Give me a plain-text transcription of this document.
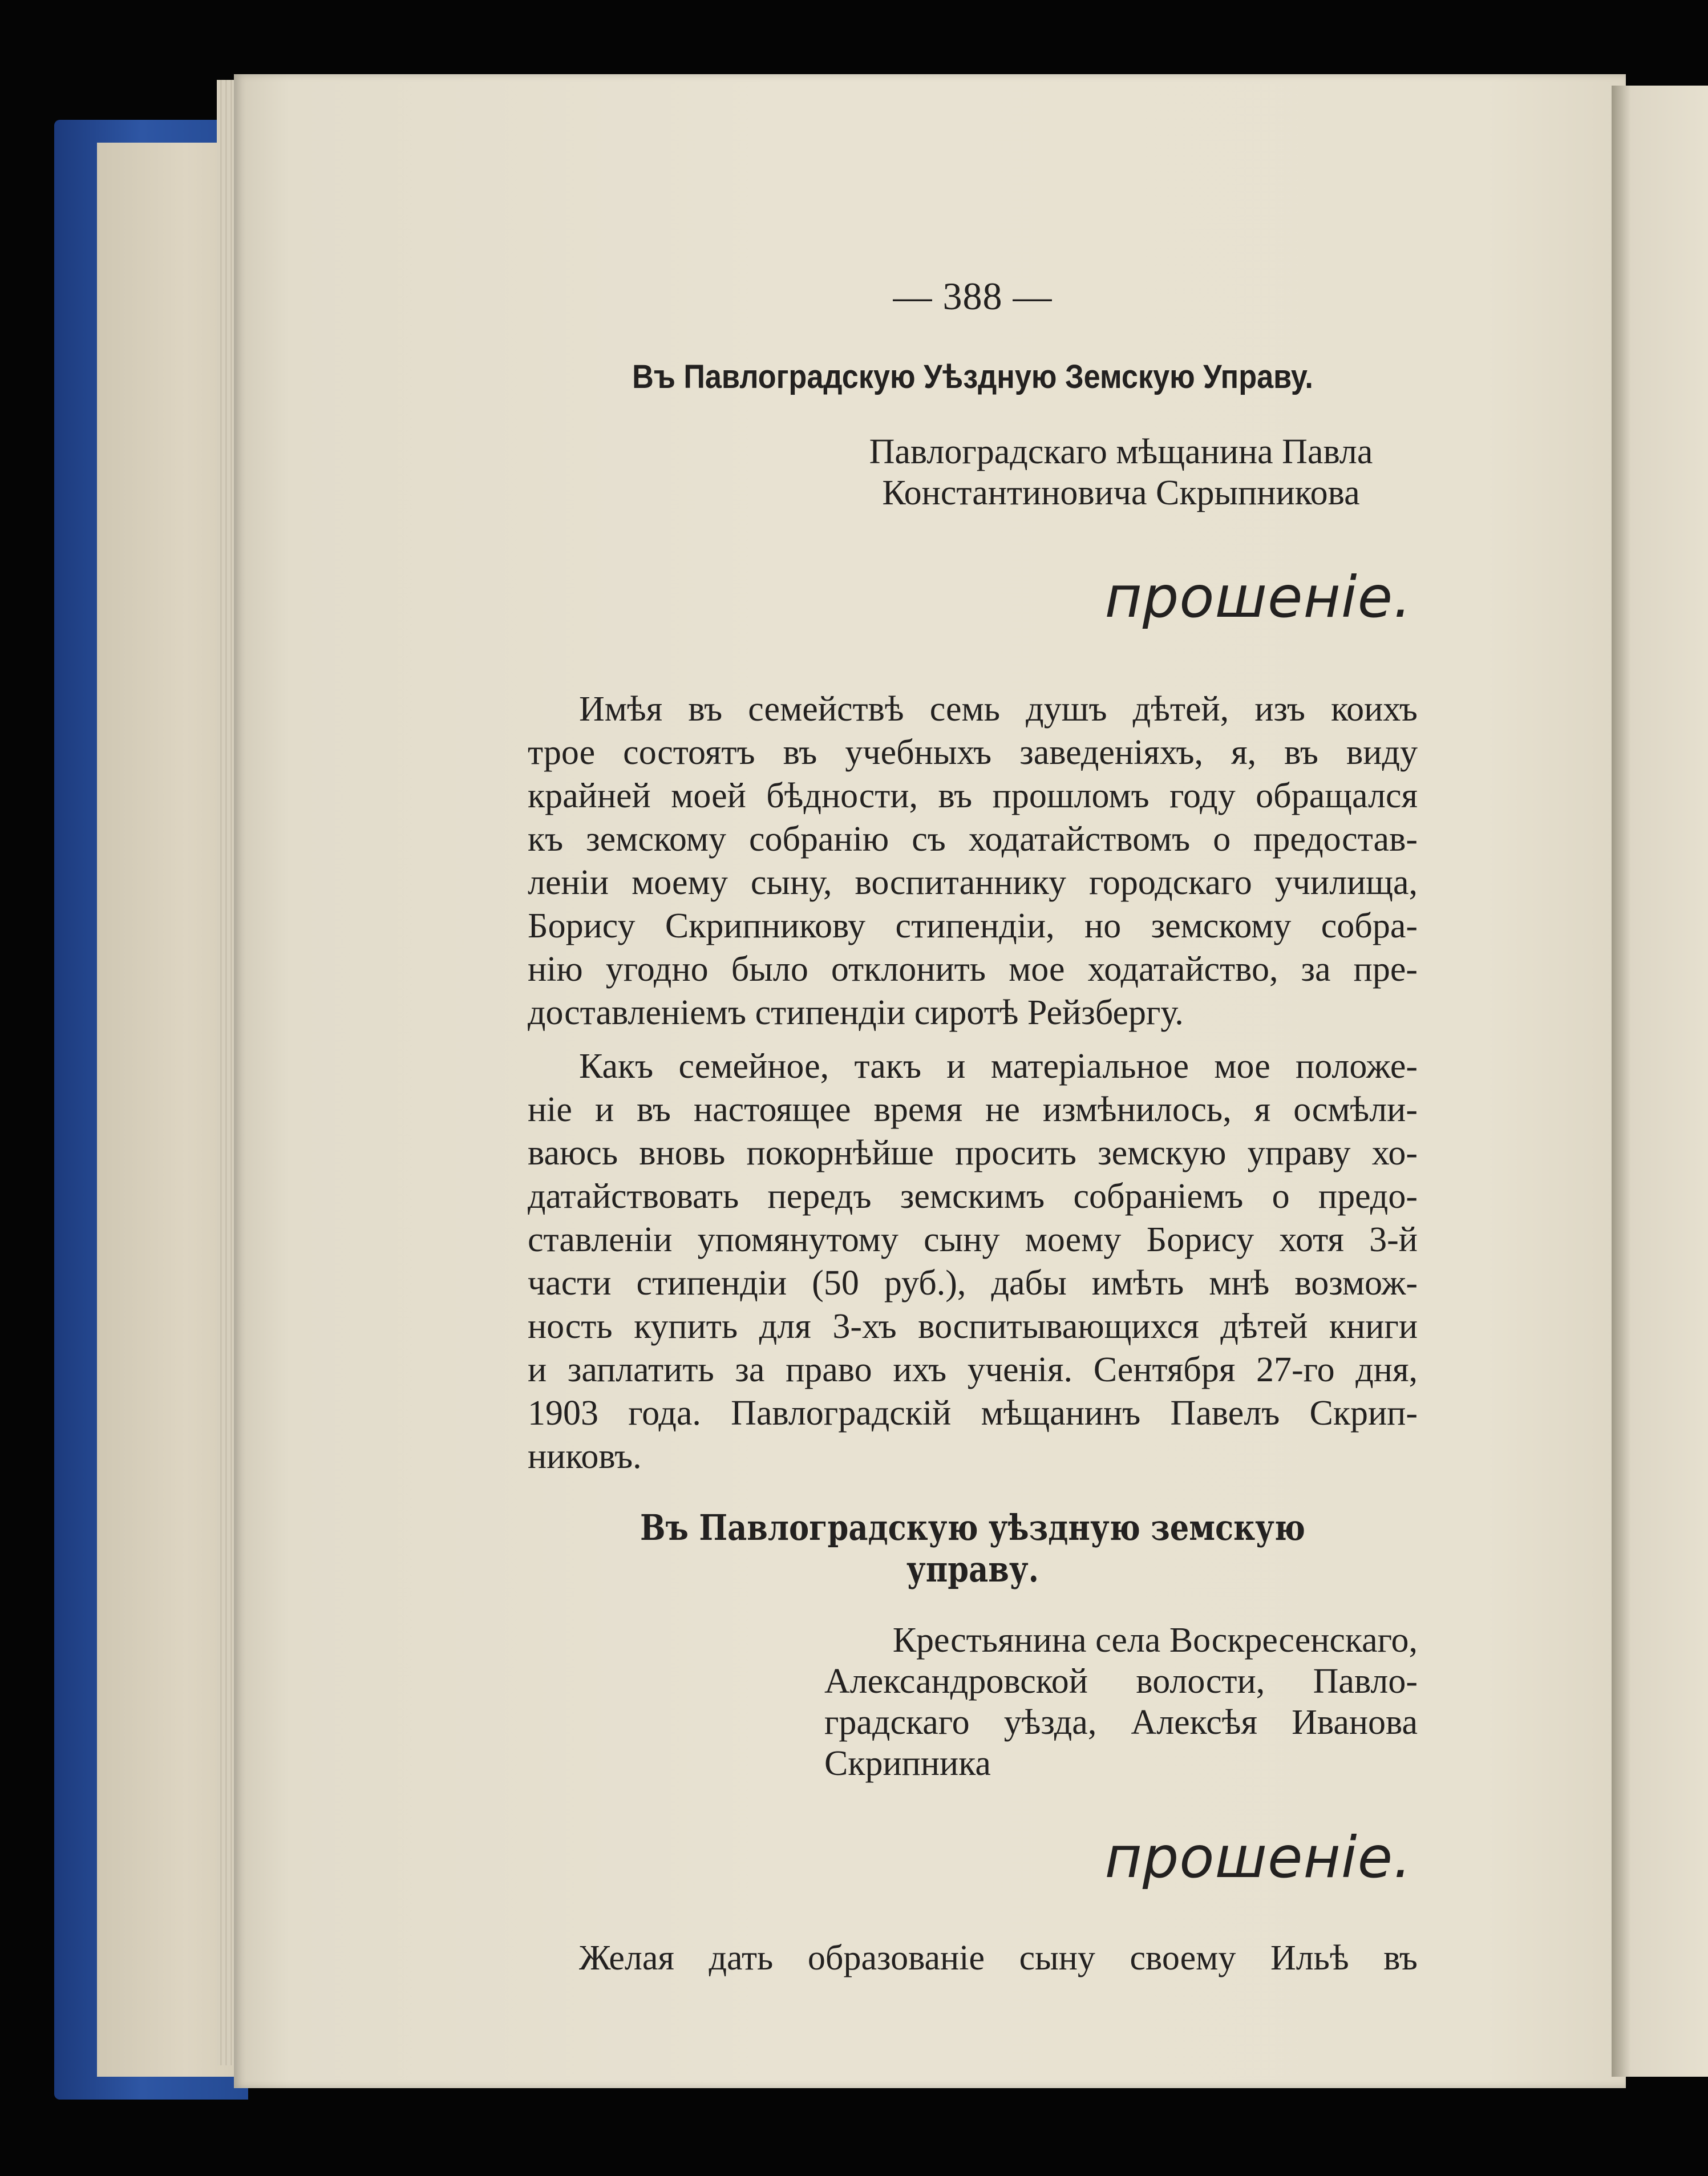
— 388 —
Въ Павлоградскую Уѣздную Земскую Управу.
Павлоградскаго мѣщанина Павла
Константиновича Скрыпникова
прошенiе.
Имѣя въ семействѣ семь душъ дѣтей, изъ коихъ
трое состоятъ въ учебныхъ заведенiяхъ, я, въ виду
крайней моей бѣдности, въ прошломъ году обращался
къ земскому собранiю съ ходатайствомъ о предостав-
ленiи моему сыну, воспитаннику городскаго училища,
Борису Скрипникову стипендiи, но земскому собра-
нiю угодно было отклонить мое ходатайство, за пре-
доставленiемъ стипендiи сиротѣ Рейзбергу.
Какъ семейное, такъ и матерiальное мое положе-
нiе и въ настоящее время не измѣнилось, я осмѣли-
ваюсь вновь покорнѣйше просить земскую управу хо-
датайствовать передъ земскимъ собранiемъ о предо-
ставленiи упомянутому сыну моему Борису хотя 3-й
части стипендiи (50 руб.), дабы имѣть мнѣ возмож-
ность купить для 3-хъ воспитывающихся дѣтей книги
и заплатить за право ихъ ученiя. Сентября 27-го дня,
1903 года. Павлоградскiй мѣщанинъ Павелъ Скрип-
никовъ.
Въ Павлоградскую уѣздную земскую управу.
Крестьянина села Воскресенскаго,
Александровской волости, Павло-
градскаго уѣзда, Алексѣя Иванова
Скрипника
прошенiе.
Желая дать образованiе сыну своему Ильѣ въ
